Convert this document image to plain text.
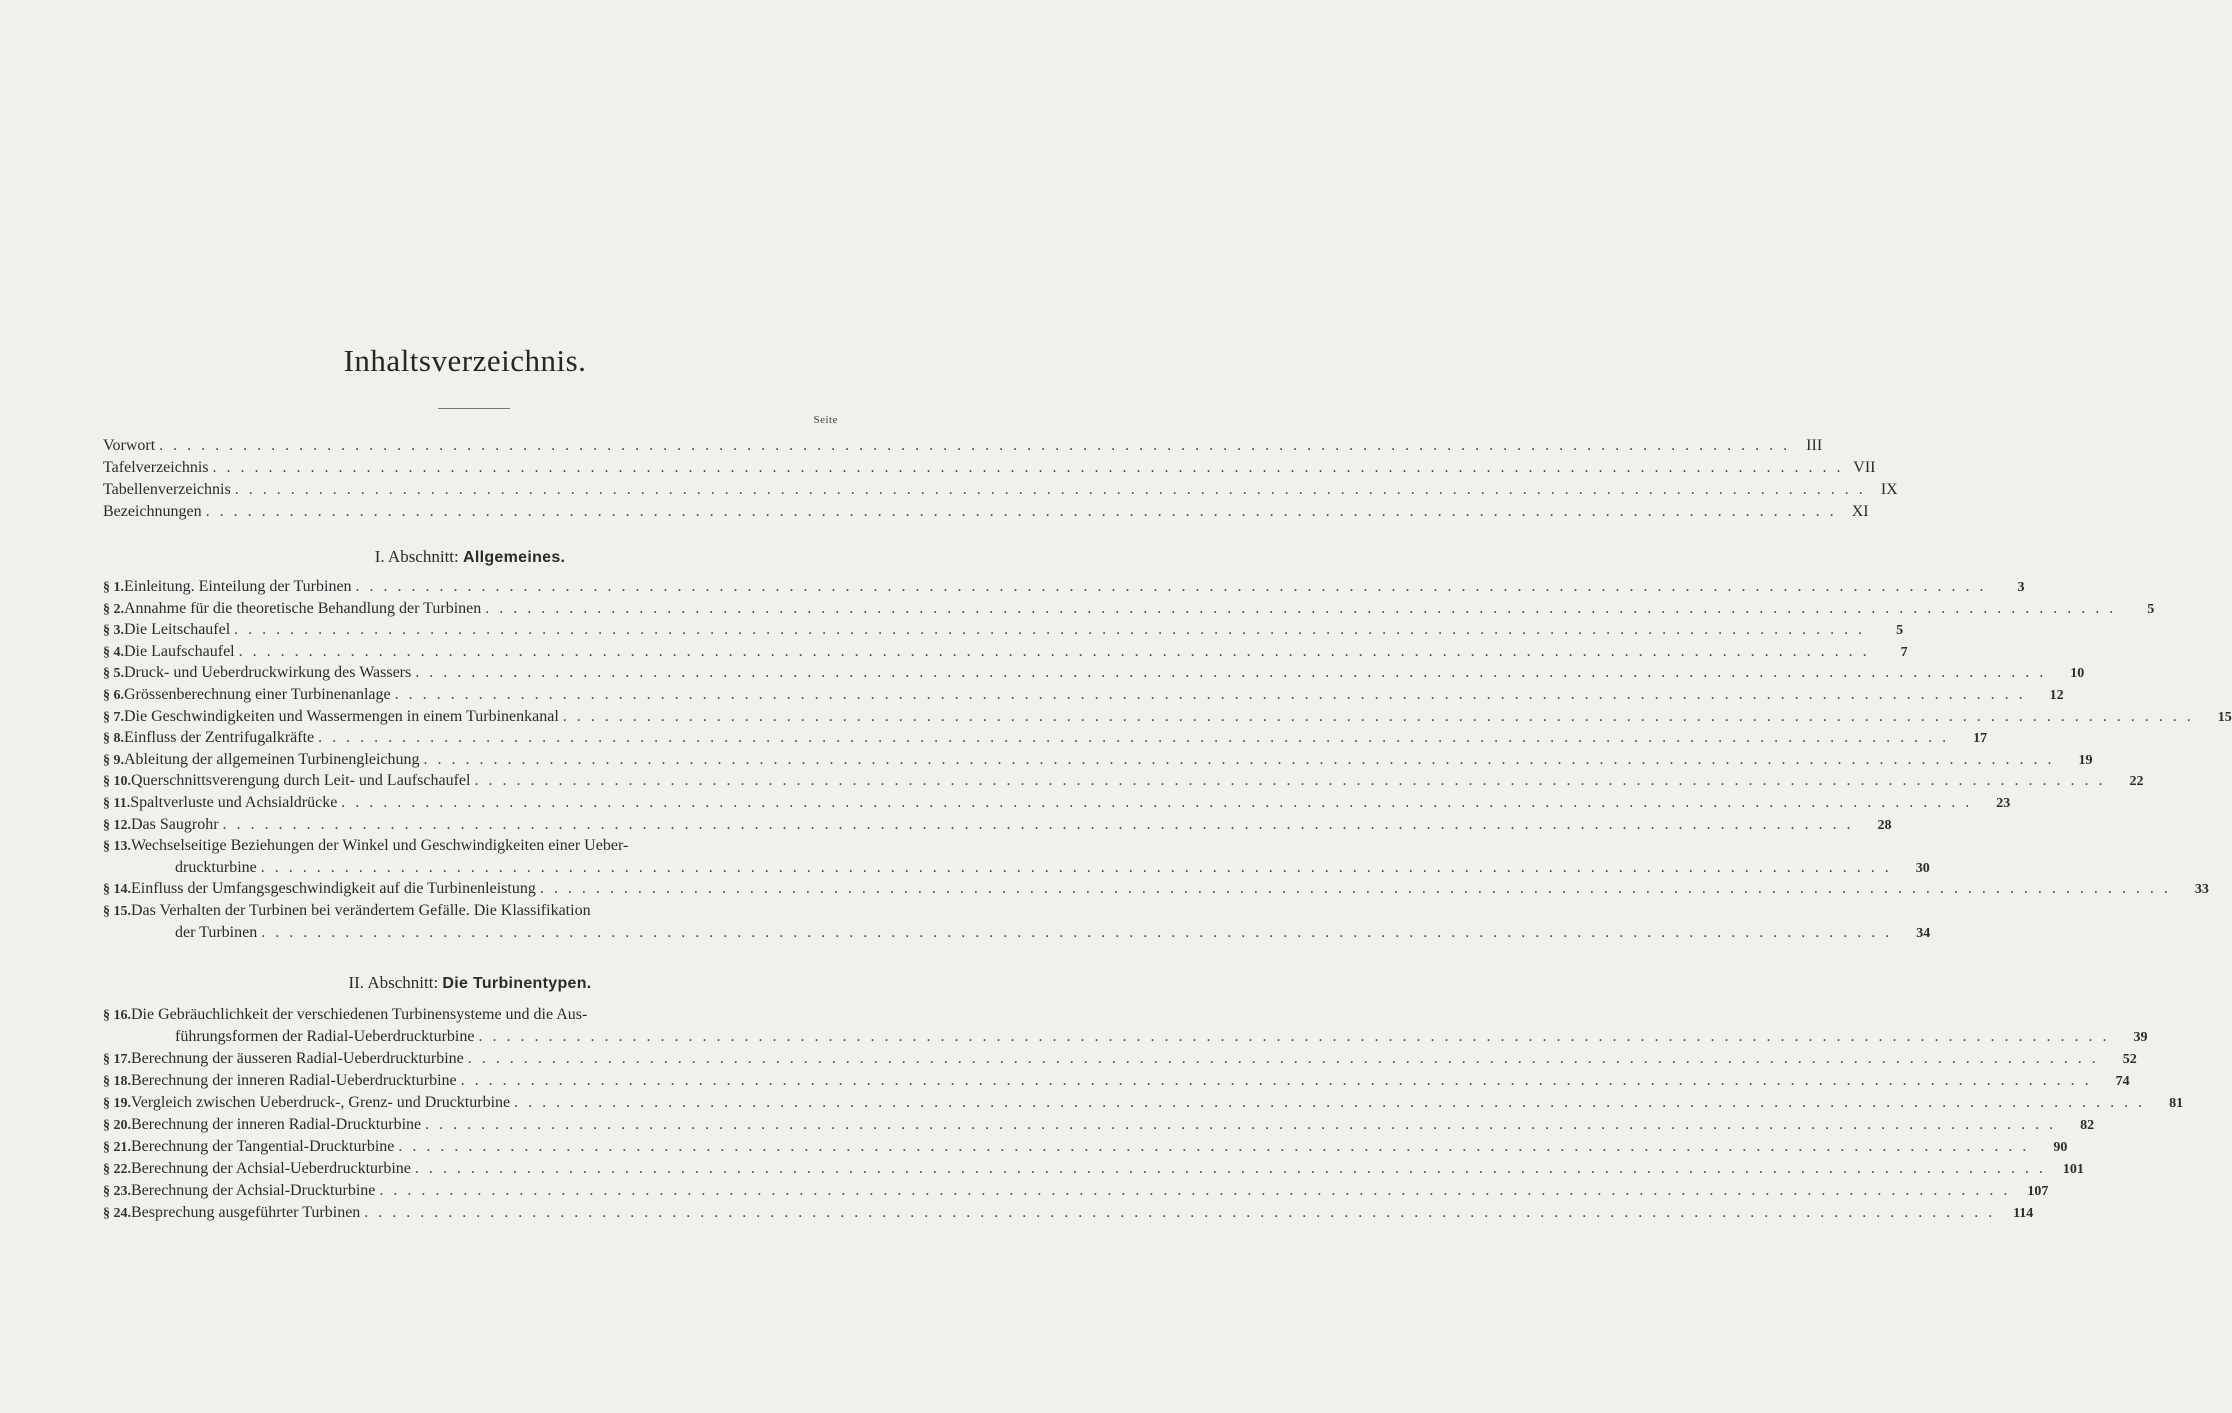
Inhaltsverzeichnis.
Seite
Vorwort . . .	III
Tafelverzeichnis . . .	VII
Tabellenverzeichnis . . .	IX
Bezeichnungen . . .	XI
I. Abschnitt: Allgemeines.
§ 1. Einleitung. Einteilung der Turbinen . . .	3
§ 2. Annahme für die theoretische Behandlung der Turbinen . . .	5
§ 3. Die Leitschaufel . . .	5
§ 4. Die Laufschaufel . . .	7
§ 5. Druck- und Ueberdruckwirkung des Wassers . . .	10
§ 6. Grössenberechnung einer Turbinenanlage . . .	12
§ 7. Die Geschwindigkeiten und Wassermengen in einem Turbinenkanal . . .	15
§ 8. Einfluss der Zentrifugalkräfte . . .	17
§ 9. Ableitung der allgemeinen Turbinengleichung . . .	19
§ 10. Querschnittsverengung durch Leit- und Laufschaufel . . .	22
§ 11. Spaltverluste und Achsialdrücke . . .	23
§ 12. Das Saugrohr . . .	28
§ 13. Wechselseitige Beziehungen der Winkel und Geschwindigkeiten einer Ueber-
druckturbine . . .	30
§ 14. Einfluss der Umfangsgeschwindigkeit auf die Turbinenleistung . . .	33
§ 15. Das Verhalten der Turbinen bei verändertem Gefälle. Die Klassifikation
der Turbinen . . .	34
II. Abschnitt: Die Turbinentypen.
§ 16. Die Gebräuchlichkeit der verschiedenen Turbinensysteme und die Aus-
führungsformen der Radial-Ueberdruckturbine . . .	39
§ 17. Berechnung der äusseren Radial-Ueberdruckturbine . . .	52
§ 18. Berechnung der inneren Radial-Ueberdruckturbine . . .	74
§ 19. Vergleich zwischen Ueberdruck-, Grenz- und Druckturbine . . .	81
§ 20. Berechnung der inneren Radial-Druckturbine . . .	82
§ 21. Berechnung der Tangential-Druckturbine . . .	90
§ 22. Berechnung der Achsial-Ueberdruckturbine . . .	101
§ 23. Berechnung der Achsial-Druckturbine . . .	107
§ 24. Besprechung ausgeführter Turbinen . . .	114
